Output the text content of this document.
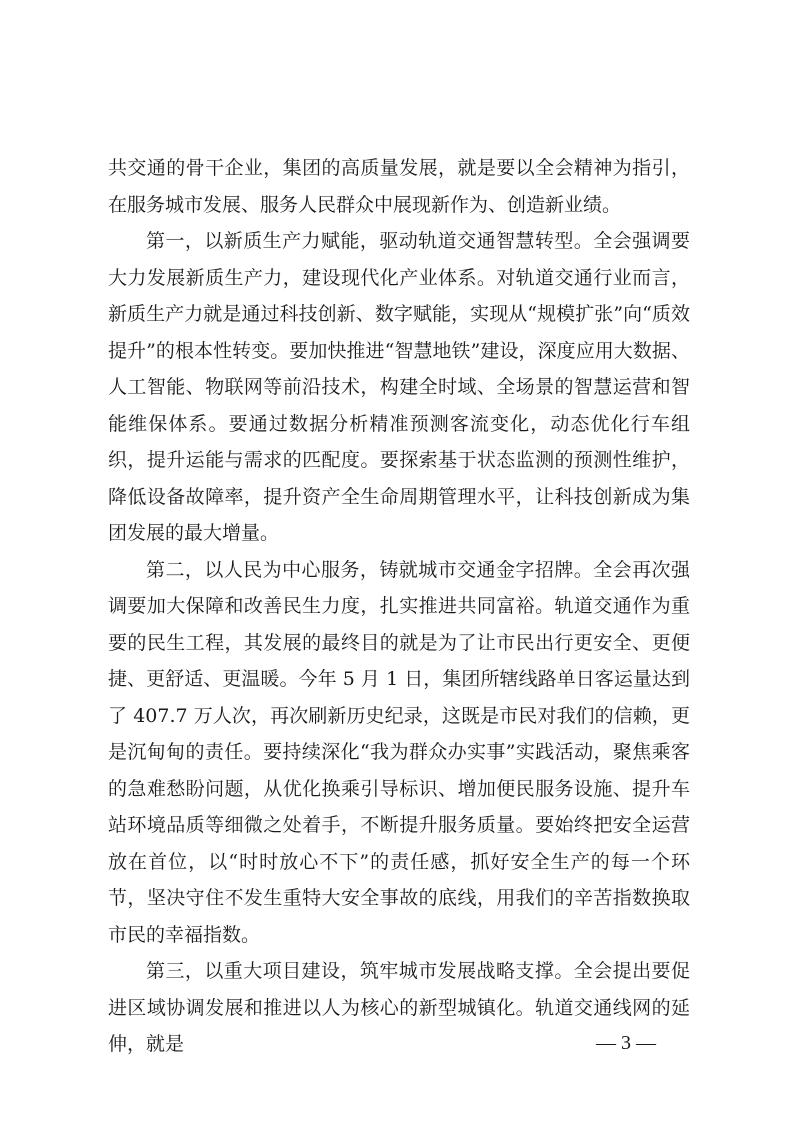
共交通的骨干企业，集团的高质量发展，就是要以全会精神为指引，在服务城市发展、服务人民群众中展现新作为、创造新业绩。

第一，以新质生产力赋能，驱动轨道交通智慧转型。全会强调要大力发展新质生产力，建设现代化产业体系。对轨道交通行业而言，新质生产力就是通过科技创新、数字赋能，实现从“规模扩张”向“质效提升”的根本性转变。要加快推进“智慧地铁”建设，深度应用大数据、人工智能、物联网等前沿技术，构建全时域、全场景的智慧运营和智能维保体系。要通过数据分析精准预测客流变化，动态优化行车组织，提升运能与需求的匹配度。要探索基于状态监测的预测性维护，降低设备故障率，提升资产全生命周期管理水平，让科技创新成为集团发展的最大增量。

第二，以人民为中心服务，铸就城市交通金字招牌。全会再次强调要加大保障和改善民生力度，扎实推进共同富裕。轨道交通作为重要的民生工程，其发展的最终目的就是为了让市民出行更安全、更便捷、更舒适、更温暖。今年 5 月 1 日，集团所辖线路单日客运量达到了 407.7 万人次，再次刷新历史纪录，这既是市民对我们的信赖，更是沉甸甸的责任。要持续深化“我为群众办实事”实践活动，聚焦乘客的急难愁盼问题，从优化换乘引导标识、增加便民服务设施、提升车站环境品质等细微之处着手，不断提升服务质量。要始终把安全运营放在首位，以“时时放心不下”的责任感，抓好安全生产的每一个环节，坚决守住不发生重特大安全事故的底线，用我们的辛苦指数换取市民的幸福指数。

第三，以重大项目建设，筑牢城市发展战略支撑。全会提出要促进区域协调发展和推进以人为核心的新型城镇化。轨道交通线网的延伸，就是	— 3 —
